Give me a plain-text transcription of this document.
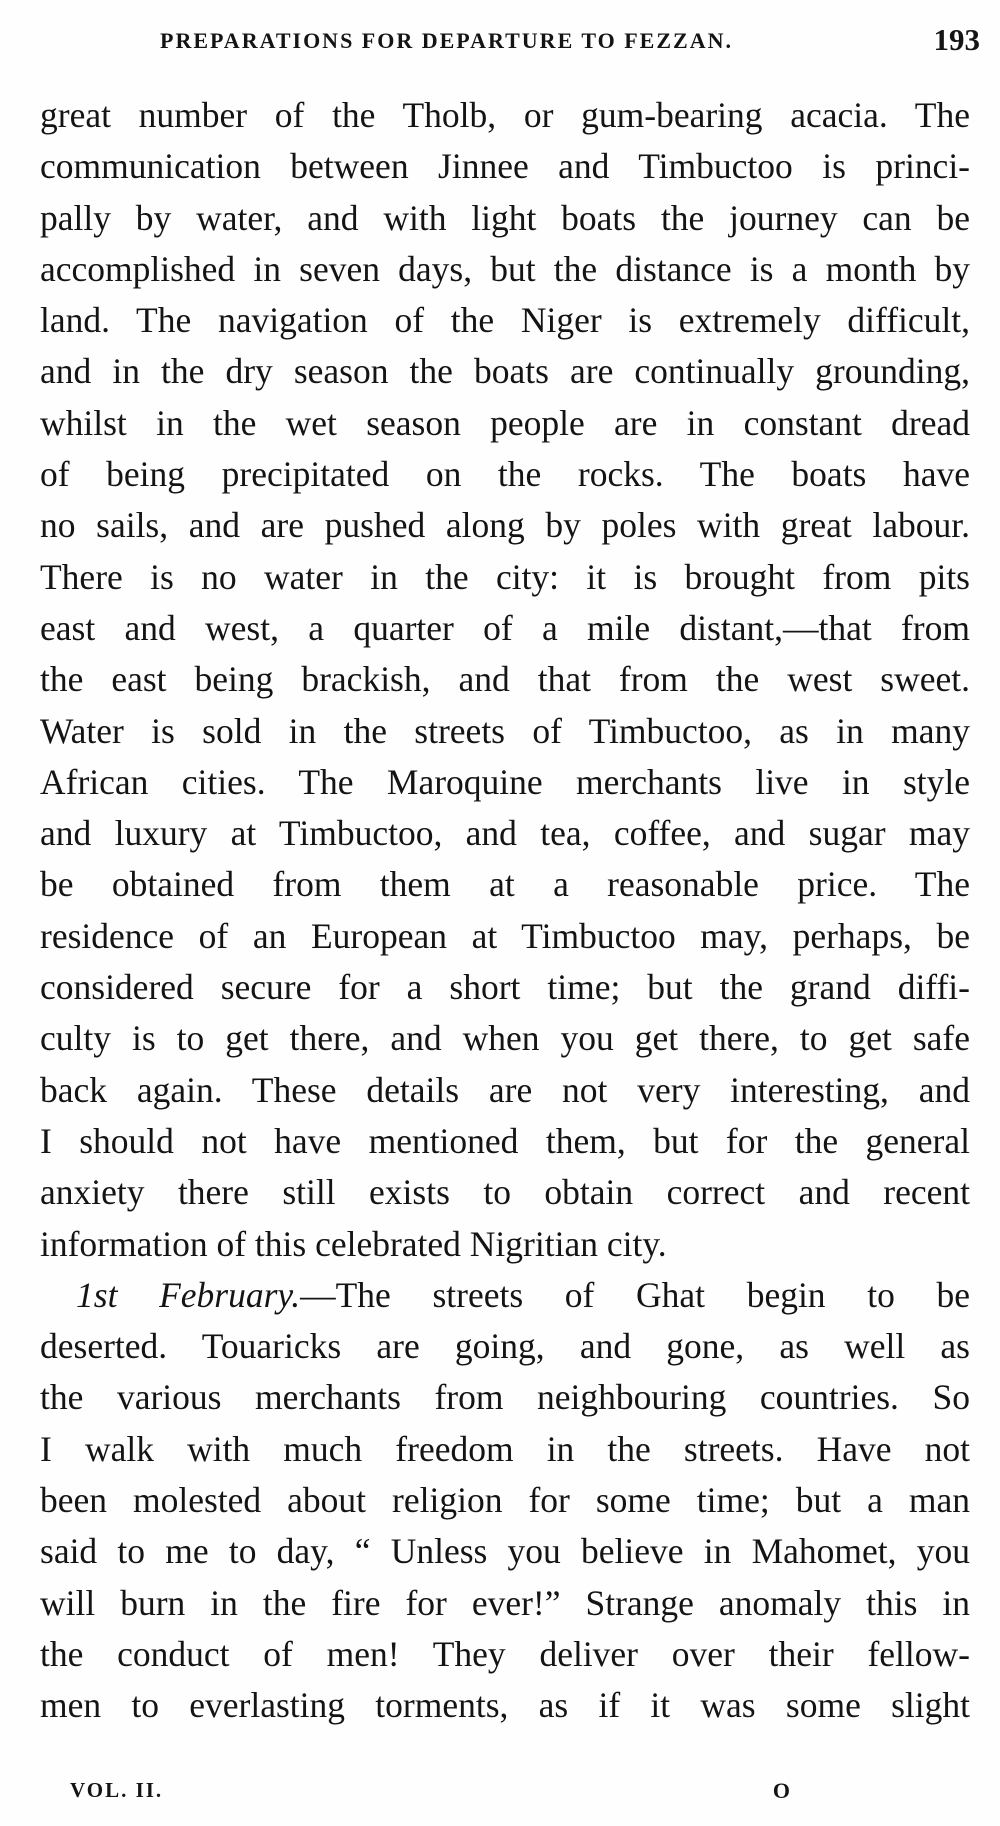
PREPARATIONS FOR DEPARTURE TO FEZZAN.	193
great number of the Tholb, or gum-bearing acacia. The
communication between Jinnee and Timbuctoo is princi-
pally by water, and with light boats the journey can be
accomplished in seven days, but the distance is a month by
land. The navigation of the Niger is extremely difficult,
and in the dry season the boats are continually grounding,
whilst in the wet season people are in constant dread
of being precipitated on the rocks. The boats have
no sails, and are pushed along by poles with great labour.
There is no water in the city: it is brought from pits
east and west, a quarter of a mile distant,—that from
the east being brackish, and that from the west sweet.
Water is sold in the streets of Timbuctoo, as in many
African cities. The Maroquine merchants live in style
and luxury at Timbuctoo, and tea, coffee, and sugar may
be obtained from them at a reasonable price. The
residence of an European at Timbuctoo may, perhaps, be
considered secure for a short time; but the grand diffi-
culty is to get there, and when you get there, to get safe
back again. These details are not very interesting, and
I should not have mentioned them, but for the general
anxiety there still exists to obtain correct and recent
information of this celebrated Nigritian city.
1st February.—The streets of Ghat begin to be
deserted. Touaricks are going, and gone, as well as
the various merchants from neighbouring countries. So
I walk with much freedom in the streets. Have not
been molested about religion for some time; but a man
said to me to day, “ Unless you believe in Mahomet, you
will burn in the fire for ever!” Strange anomaly this in
the conduct of men! They deliver over their fellow-
men to everlasting torments, as if it was some slight
VOL. II.	O
